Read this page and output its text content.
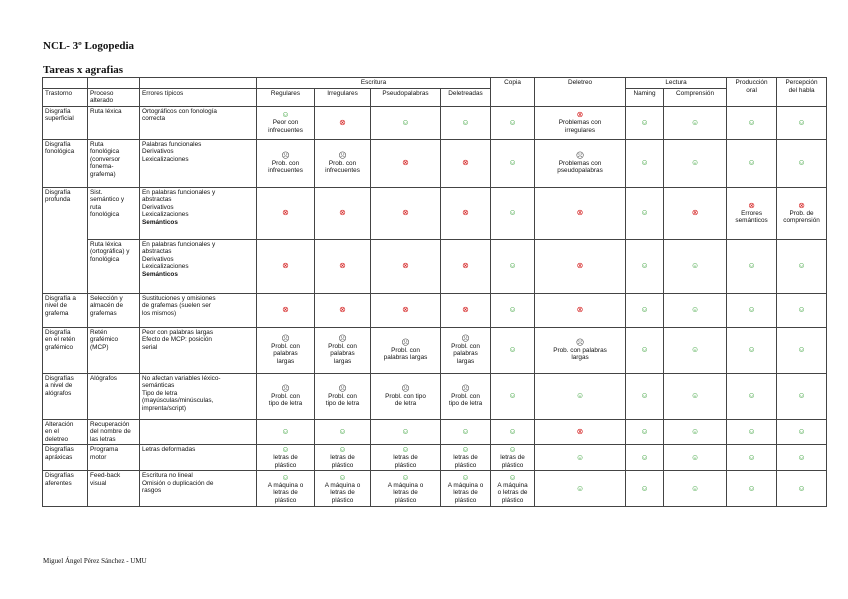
NCL- 3º Logopedia
Tareas x agrafias
			Escritura				Copia	Deletreo	Lectura		Producción
oral	Percepción
del habla
Trastorno	Proceso
alterado	Errores típicos	Regulares	Irregulares	Pseudopalabras	Deletreadas			Naming	Comprensión		

Disgrafía
superficial	Ruta léxica	Ortográficos con fonología
correcta	☺
Peor con
infrecuentes	⊗	☺	☺	☺	⊗
Problemas con
irregulares	☺	☺	☺	☺

Disgrafía
fonológica	Ruta
fonológica
(conversor
fonema-
grafema)	Palabras funcionales
Derivativos
Lexicalizaciones	☹
Prob. con
infrecuentes	☹
Prob. con
infrecuentes	⊗	⊗	☺	☹
Problemas con
pseudopalabras	☺	☺	☺	☺

Disgrafía
profunda	Sist.
semántico y
ruta
fonológica	En palabras funcionales y
abstractas
Derivativos
Lexicalizaciones
Semánticos	⊗	⊗	⊗	⊗	☺	⊗	☺	⊗	⊗
Errores
semánticos	⊗
Prob. de
comprensión

	Ruta léxica
(ortográfica) y
fonológica	En palabras funcionales y
abstractas
Derivativos
Lexicalizaciones
Semánticos	⊗	⊗	⊗	⊗	☺	⊗	☺	☺	☺	☺

Disgrafía a
nivel de
grafema	Selección y
almacén de
grafemas	Sustituciones y omisiones
de grafemas (suelen ser
los mismos)	⊗	⊗	⊗	⊗	☺	⊗	☺	☺	☺	☺

Disgrafía
en el retén
grafémico	Retén
grafémico
(MCP)	Peor con palabras largas
Efecto de MCP: posición
serial	☹
Probl. con
palabras
largas	☹
Probl. con
palabras
largas	☹
Probl. con
palabras largas	☹
Probl. con
palabras
largas	☺	☹
Prob. con palabras
largas	☺	☺	☺	☺

Disgrafías
a nivel de
alógrafos	Alógrafos	No afectan variables léxico-
semánticas
Tipo de letra
(mayúsculas/minúsculas,
imprenta/script)	☹
Probl. con
tipo de letra	☹
Probl. con
tipo de letra	☹
Probl. con tipo
de letra	☹
Probl. con
tipo de letra	☺	☺	☺	☺	☺	☺

Alteración
en el
deletreo	Recuperación
del nombre de
las letras		☺	☺	☺	☺	☺	⊗	☺	☺	☺	☺

Disgrafías
apráxicas	Programa
motor	Letras deformadas	☺
letras de
plástico	☺
letras de
plástico	☺
letras de
plástico	☺
letras de
plástico	☺
letras de
plástico	☺	☺	☺	☺	☺

Disgrafías
aferentes	Feed-back
visual	Escritura no lineal
Omisión o duplicación de
rasgos	☺
A máquina o
letras de
plástico	☺
A máquina o
letras de
plástico	☺
A máquina o
letras de
plástico	☺
A máquina o
letras de
plástico	☺
A máquina
o letras de
plástico	☺	☺	☺	☺	☺
Miguel Ángel Pérez Sánchez - UMU
